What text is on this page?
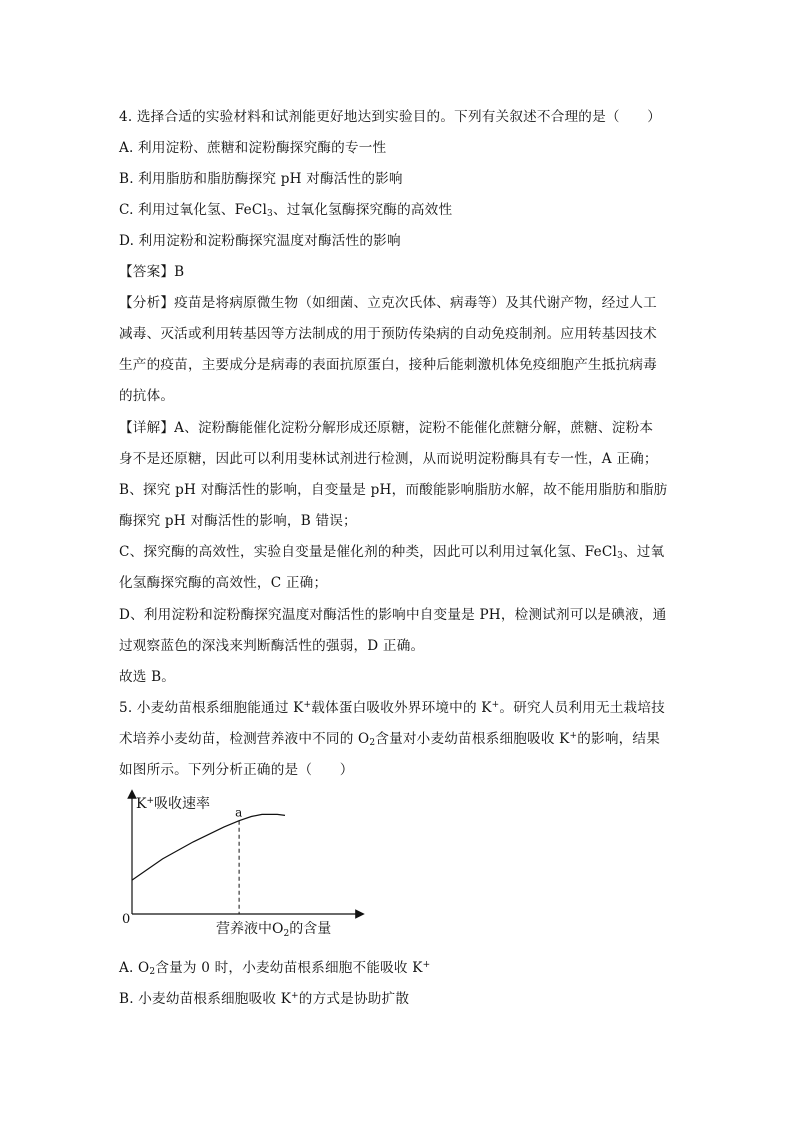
4. 选择合适的实验材料和试剂能更好地达到实验目的。下列有关叙述不合理的是（　　）
A. 利用淀粉、蔗糖和淀粉酶探究酶的专一性
B. 利用脂肪和脂肪酶探究 pH 对酶活性的影响
C. 利用过氧化氢、FeCl$_3$、过氧化氢酶探究酶的高效性
D. 利用淀粉和淀粉酶探究温度对酶活性的影响
【答案】B
【分析】疫苗是将病原微生物（如细菌、立克次氏体、病毒等）及其代谢产物，经过人工
减毒、灭活或利用转基因等方法制成的用于预防传染病的自动免疫制剂。应用转基因技术
生产的疫苗，主要成分是病毒的表面抗原蛋白，接种后能刺激机体免疫细胞产生抵抗病毒
的抗体。
【详解】A、淀粉酶能催化淀粉分解形成还原糖，淀粉不能催化蔗糖分解，蔗糖、淀粉本
身不是还原糖，因此可以利用斐林试剂进行检测，从而说明淀粉酶具有专一性，A 正确；
B、探究 pH 对酶活性的影响，自变量是 pH，而酸能影响脂肪水解，故不能用脂肪和脂肪
酶探究 pH 对酶活性的影响，B 错误；
C、探究酶的高效性，实验自变量是催化剂的种类，因此可以利用过氧化氢、FeCl$_3$、过氧
化氢酶探究酶的高效性，C 正确；
D、利用淀粉和淀粉酶探究温度对酶活性的影响中自变量是 PH，检测试剂可以是碘液，通
过观察蓝色的深浅来判断酶活性的强弱，D 正确。
故选 B。
5. 小麦幼苗根系细胞能通过 K+载体蛋白吸收外界环境中的 K+。研究人员利用无土栽培技
术培养小麦幼苗，检测营养液中不同的 $O_2$含量对小麦幼苗根系细胞吸收 K+的影响，结果
如图所示。下列分析正确的是（　　）
K+吸收速率
0
营养液中$O_2$的含量
a
A. $O_2$含量为 0 时，小麦幼苗根系细胞不能吸收 K+
B. 小麦幼苗根系细胞吸收 K+的方式是协助扩散
